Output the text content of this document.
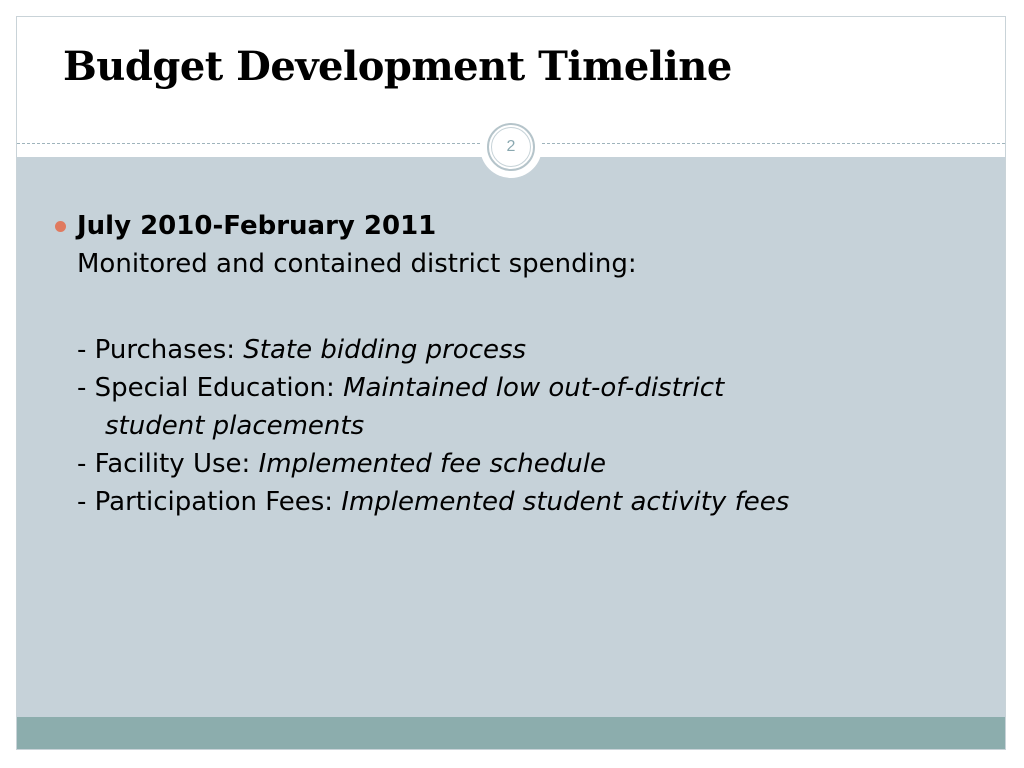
Budget Development Timeline
2
July 2010-February 2011
Monitored and contained district spending:
- Purchases: State bidding process
- Special Education: Maintained low out-of-district
student placements
- Facility Use: Implemented fee schedule
- Participation Fees: Implemented student activity fees
